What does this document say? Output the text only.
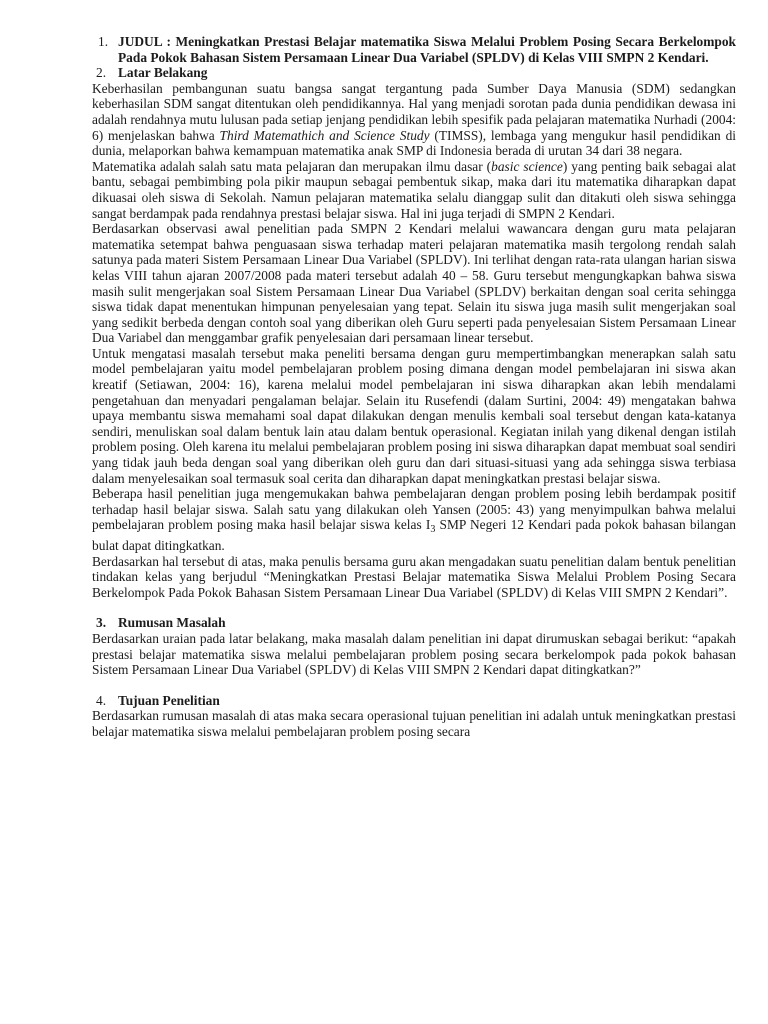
1. JUDUL : Meningkatkan Prestasi Belajar matematika Siswa Melalui Problem Posing Secara Berkelompok Pada Pokok Bahasan Sistem Persamaan Linear Dua Variabel (SPLDV) di Kelas VIII SMPN 2 Kendari.
2. Latar Belakang

Keberhasilan pembangunan suatu bangsa sangat tergantung pada Sumber Daya Manusia (SDM) sedangkan keberhasilan SDM sangat ditentukan oleh pendidikannya. Hal yang menjadi sorotan pada dunia pendidikan dewasa ini adalah rendahnya mutu lulusan pada setiap jenjang pendidikan lebih spesifik pada pelajaran matematika Nurhadi (2004: 6) menjelaskan bahwa Third Matemathich and Science Study (TIMSS), lembaga yang mengukur hasil pendidikan di dunia, melaporkan bahwa kemampuan matematika anak SMP di Indonesia berada di urutan 34 dari 38 negara.

Matematika adalah salah satu mata pelajaran dan merupakan ilmu dasar (basic science) yang penting baik sebagai alat bantu, sebagai pembimbing pola pikir maupun sebagai pembentuk sikap, maka dari itu matematika diharapkan dapat dikuasai oleh siswa di Sekolah. Namun pelajaran matematika selalu dianggap sulit dan ditakuti oleh siswa sehingga sangat berdampak pada rendahnya prestasi belajar siswa. Hal ini juga terjadi di SMPN 2 Kendari.

Berdasarkan observasi awal penelitian pada SMPN 2 Kendari melalui wawancara dengan guru mata pelajaran matematika setempat bahwa penguasaan siswa terhadap materi pelajaran matematika masih tergolong rendah salah satunya pada materi Sistem Persamaan Linear Dua Variabel (SPLDV). Ini terlihat dengan rata-rata ulangan harian siswa kelas VIII tahun ajaran 2007/2008 pada materi tersebut adalah 40 – 58. Guru tersebut mengungkapkan bahwa siswa masih sulit mengerjakan soal Sistem Persamaan Linear Dua Variabel (SPLDV) berkaitan dengan soal cerita sehingga siswa tidak dapat menentukan himpunan penyelesaian yang tepat. Selain itu siswa juga masih sulit mengerjakan soal yang sedikit berbeda dengan contoh soal yang diberikan oleh Guru seperti pada penyelesaian Sistem Persamaan Linear Dua Variabel dan menggambar grafik penyelesaian dari persamaan linear tersebut.

Untuk mengatasi masalah tersebut maka peneliti bersama dengan guru mempertimbangkan menerapkan salah satu model pembelajaran yaitu model pembelajaran problem posing dimana dengan model pembelajaran ini siswa akan kreatif (Setiawan, 2004: 16), karena melalui model pembelajaran ini siswa diharapkan akan lebih mendalami pengetahuan dan menyadari pengalaman belajar. Selain itu Rusefendi (dalam Surtini, 2004: 49) mengatakan bahwa upaya membantu siswa memahami soal dapat dilakukan dengan menulis kembali soal tersebut dengan kata-katanya sendiri, menuliskan soal dalam bentuk lain atau dalam bentuk operasional. Kegiatan inilah yang dikenal dengan istilah problem posing. Oleh karena itu melalui pembelajaran problem posing ini siswa diharapkan dapat membuat soal sendiri yang tidak jauh beda dengan soal yang diberikan oleh guru dan dari situasi-situasi yang ada sehingga siswa terbiasa dalam menyelesaikan soal termasuk soal cerita dan diharapkan dapat meningkatkan prestasi belajar siswa.

Beberapa hasil penelitian juga mengemukakan bahwa pembelajaran dengan problem posing lebih berdampak positif terhadap hasil belajar siswa. Salah satu yang dilakukan oleh Yansen (2005: 43) yang menyimpulkan bahwa melalui pembelajaran problem posing maka hasil belajar siswa kelas $I_3$ SMP Negeri 12 Kendari pada pokok bahasan bilangan bulat dapat ditingkatkan.

Berdasarkan hal tersebut di atas, maka penulis bersama guru akan mengadakan suatu penelitian dalam bentuk penelitian tindakan kelas yang berjudul “Meningkatkan Prestasi Belajar matematika Siswa Melalui Problem Posing Secara Berkelompok Pada Pokok Bahasan Sistem Persamaan Linear Dua Variabel (SPLDV) di Kelas VIII SMPN 2 Kendari”.

3. Rumusan Masalah

Berdasarkan uraian pada latar belakang, maka masalah dalam penelitian ini dapat dirumuskan sebagai berikut: “apakah prestasi belajar matematika siswa melalui pembelajaran problem posing secara berkelompok pada pokok bahasan Sistem Persamaan Linear Dua Variabel (SPLDV) di Kelas VIII SMPN 2 Kendari dapat ditingkatkan?”

4. Tujuan Penelitian

Berdasarkan rumusan masalah di atas maka secara operasional tujuan penelitian ini adalah untuk meningkatkan prestasi belajar matematika siswa melalui pembelajaran problem posing secara
